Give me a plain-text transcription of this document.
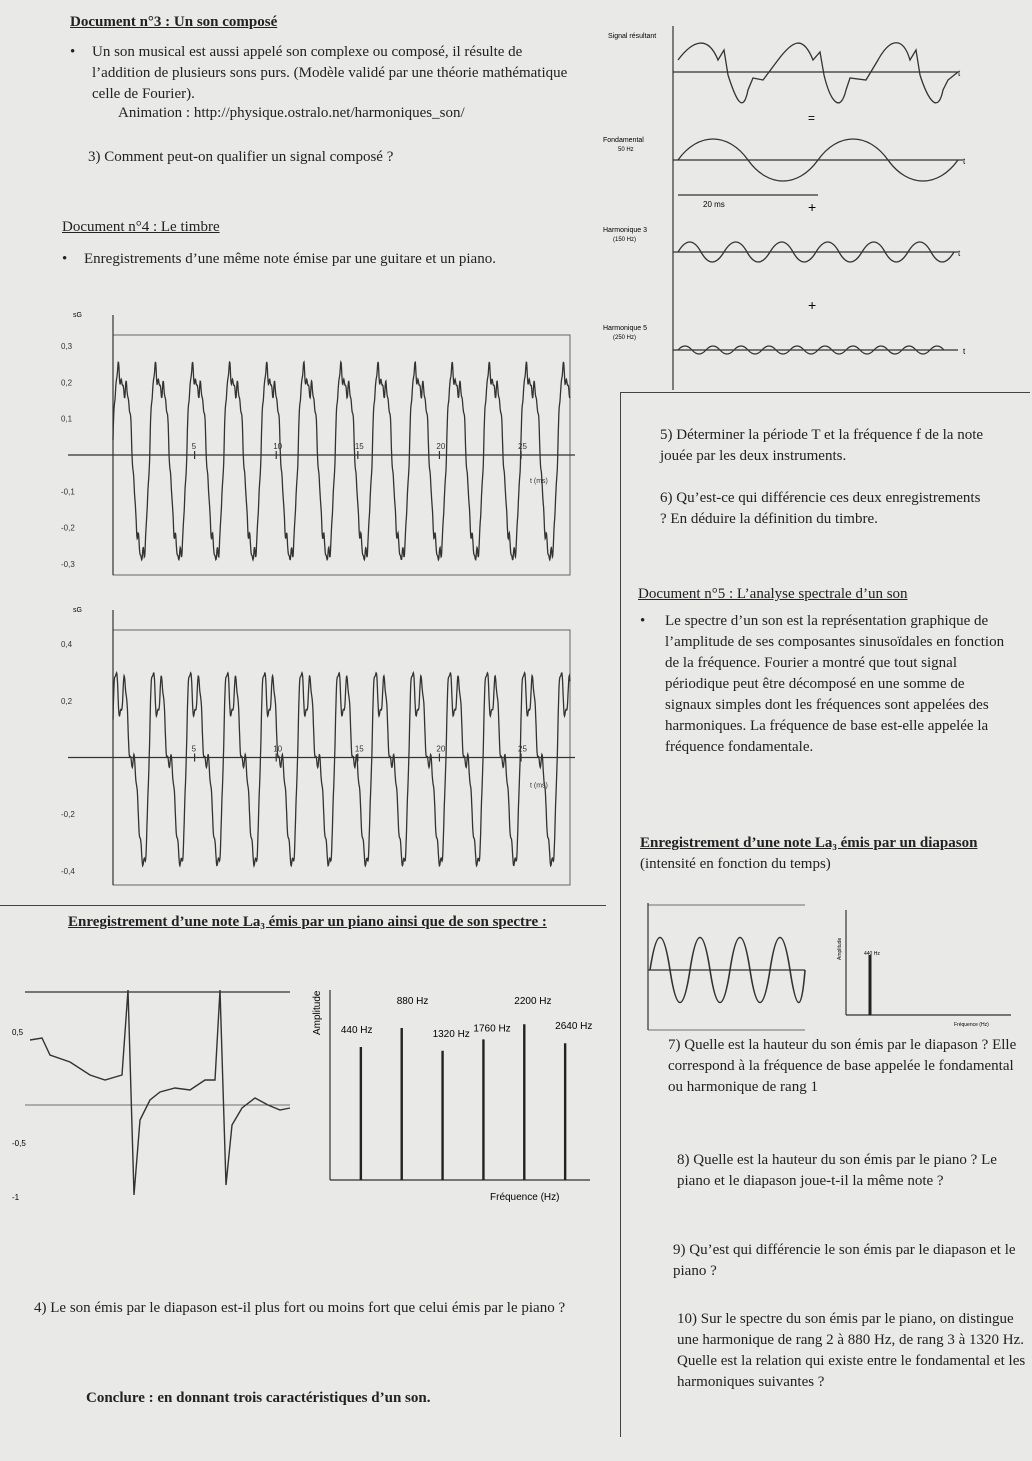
Document n°3 : Un son composé
• Un son musical est aussi appelé son complexe ou composé, il résulte de l’addition de plusieurs sons purs. (Modèle validé par une théorie mathématique celle de Fourier).
Animation : http://physique.ostralo.net/harmoniques_son/
3) Comment peut-on qualifier un signal composé ?
Signal résultant
t
=
Fondamental
50 Hz
t
20 ms	+
Harmonique 3
(150 Hz)
t
+
Harmonique 5
(250 Hz)
t
Document n°4 : Le timbre
• Enregistrements d’une même note émise par une guitare et un piano.
sG
0,3
0,2
0,1
-0,1
-0,2
-0,3
5	10	15	20	25
t (ms)
sG
0,4
0,2
-0,2
-0,4
5	10	15	20	25
t (ms)
5) Déterminer la période T et la fréquence f de la note jouée par les deux instruments.
6) Qu’est-ce qui différencie ces deux enregistrements ? En déduire la définition du timbre.
Document n°5 : L’analyse spectrale d’un son
• Le spectre d’un son est la représentation graphique de l’amplitude de ses composantes sinusoïdales en fonction de la fréquence. Fourier a montré que tout signal périodique peut être décomposé en une somme de signaux simples dont les fréquences sont appelées des harmoniques. La fréquence de base est-elle appelée la fréquence fondamentale.
Enregistrement d’une note La₃ émis par un diapason (intensité en fonction du temps)
440 Hz
Amplitude
Fréquence (Hz)
Enregistrement d’une note La₃ émis par un piano ainsi que de son spectre :
0,5
-0,5
-1
Amplitude
Fréquence (Hz)
440 Hz
880 Hz
1320 Hz 1760 Hz
2200 Hz
2640 Hz
7) Quelle est la hauteur du son émis par le diapason ? Elle correspond à la fréquence de base appelée le fondamental ou harmonique de rang 1
8) Quelle est la hauteur du son émis par le piano ? Le piano et le diapason joue-t-il la même note ?
9) Qu’est qui différencie le son émis par le diapason et le piano ?
10) Sur le spectre du son émis par le piano, on distingue une harmonique de rang 2 à 880 Hz, de rang 3 à 1320 Hz. Quelle est la relation qui existe entre le fondamental et les harmoniques suivantes ?
4) Le son émis par le diapason est-il plus fort ou moins fort que celui émis par le piano ?
Conclure : en donnant trois caractéristiques d’un son.
